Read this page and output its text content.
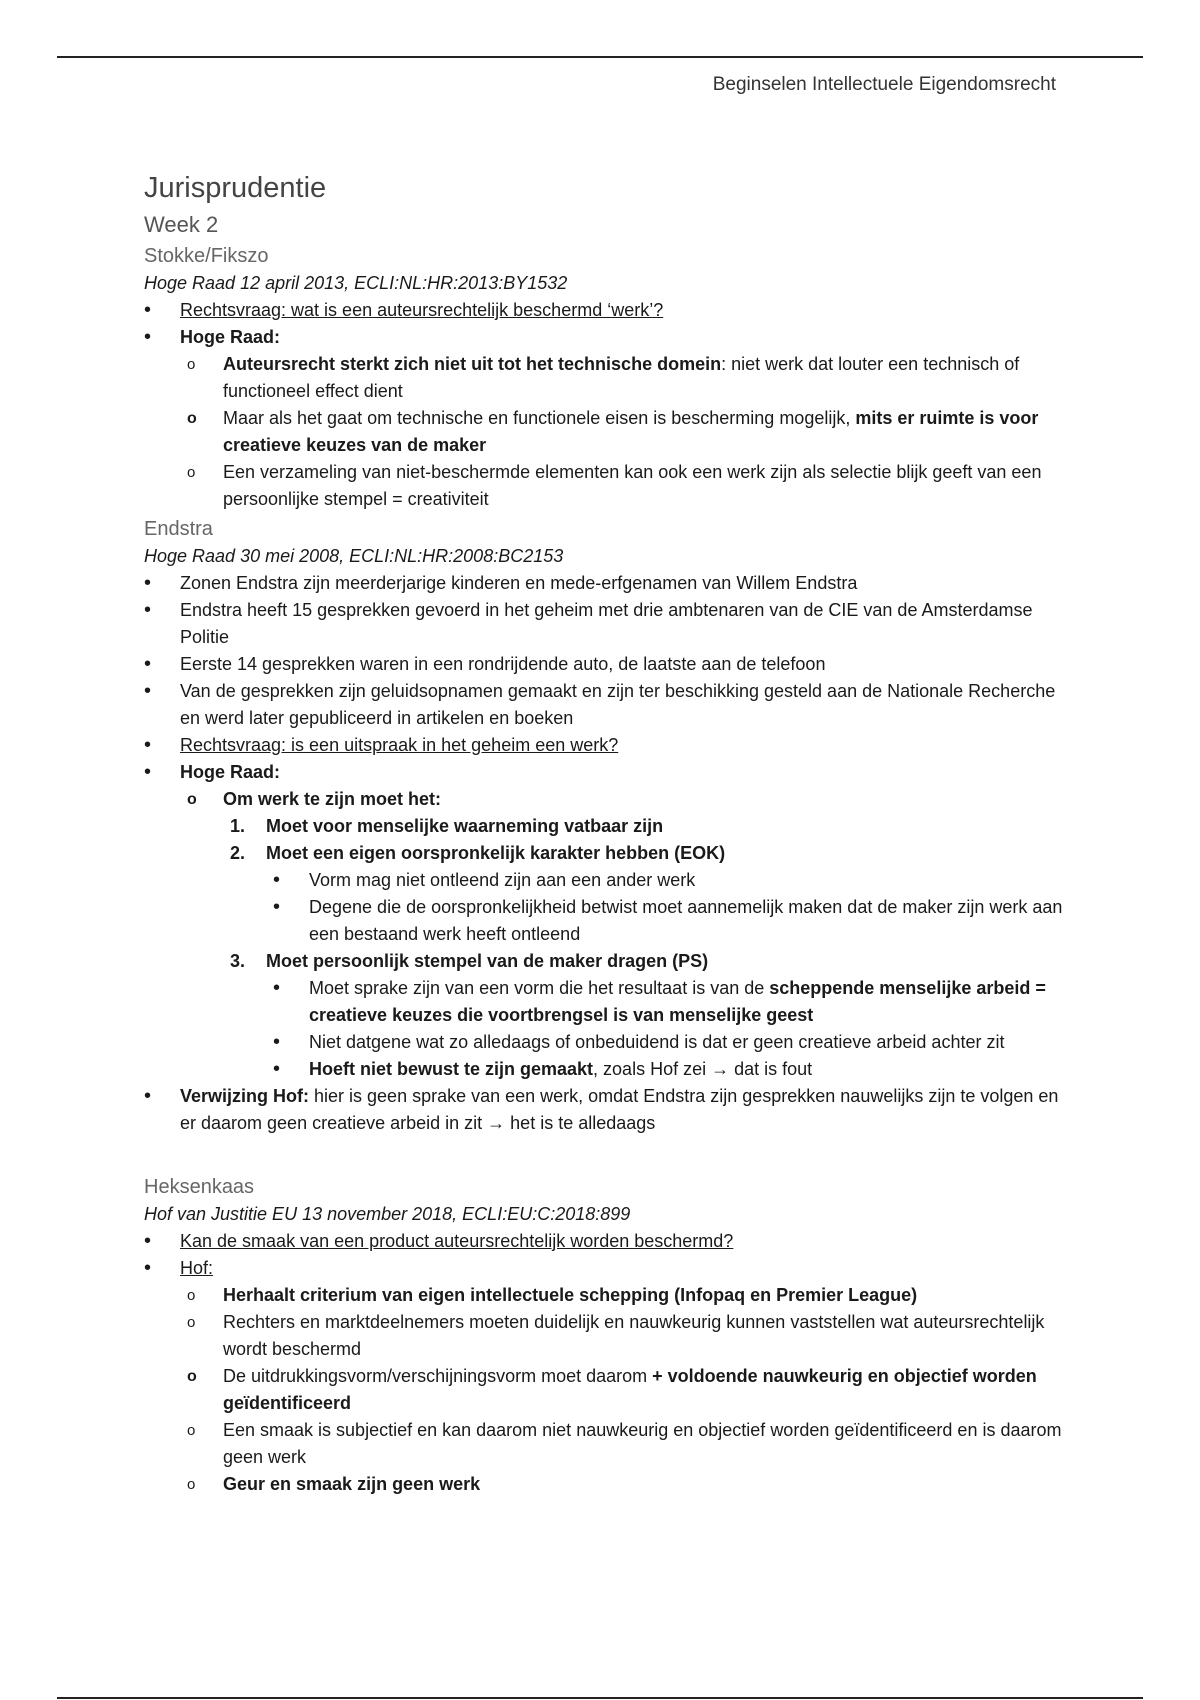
Beginselen Intellectuele Eigendomsrecht
Jurisprudentie
Week 2
Stokke/Fikszo
Hoge Raad 12 april 2013, ECLI:NL:HR:2013:BY1532
• Rechtsvraag: wat is een auteursrechtelijk beschermd ‘werk’?
• Hoge Raad:
o Auteursrecht sterkt zich niet uit tot het technische domein: niet werk dat louter een technisch of functioneel effect dient
o Maar als het gaat om technische en functionele eisen is bescherming mogelijk, mits er ruimte is voor creatieve keuzes van de maker
o Een verzameling van niet-beschermde elementen kan ook een werk zijn als selectie blijk geeft van een persoonlijke stempel = creativiteit
Endstra
Hoge Raad 30 mei 2008, ECLI:NL:HR:2008:BC2153
• Zonen Endstra zijn meerderjarige kinderen en mede-erfgenamen van Willem Endstra
• Endstra heeft 15 gesprekken gevoerd in het geheim met drie ambtenaren van de CIE van de Amsterdamse Politie
• Eerste 14 gesprekken waren in een rondrijdende auto, de laatste aan de telefoon
• Van de gesprekken zijn geluidsopnamen gemaakt en zijn ter beschikking gesteld aan de Nationale Recherche en werd later gepubliceerd in artikelen en boeken
• Rechtsvraag: is een uitspraak in het geheim een werk?
• Hoge Raad:
o Om werk te zijn moet het:
1. Moet voor menselijke waarneming vatbaar zijn
2. Moet een eigen oorspronkelijk karakter hebben (EOK)
• Vorm mag niet ontleend zijn aan een ander werk
• Degene die de oorspronkelijkheid betwist moet aannemelijk maken dat de maker zijn werk aan een bestaand werk heeft ontleend
3. Moet persoonlijk stempel van de maker dragen (PS)
• Moet sprake zijn van een vorm die het resultaat is van de scheppende menselijke arbeid = creatieve keuzes die voortbrengsel is van menselijke geest
• Niet datgene wat zo alledaags of onbeduidend is dat er geen creatieve arbeid achter zit
• Hoeft niet bewust te zijn gemaakt, zoals Hof zei → dat is fout
• Verwijzing Hof: hier is geen sprake van een werk, omdat Endstra zijn gesprekken nauwelijks zijn te volgen en er daarom geen creatieve arbeid in zit → het is te alledaags
Heksenkaas
Hof van Justitie EU 13 november 2018, ECLI:EU:C:2018:899
• Kan de smaak van een product auteursrechtelijk worden beschermd?
• Hof:
o Herhaalt criterium van eigen intellectuele schepping (Infopaq en Premier League)
o Rechters en marktdeelnemers moeten duidelijk en nauwkeurig kunnen vaststellen wat auteursrechtelijk wordt beschermd
o De uitdrukkingsvorm/verschijningsvorm moet daarom + voldoende nauwkeurig en objectief worden geïdentificeerd
o Een smaak is subjectief en kan daarom niet nauwkeurig en objectief worden geïdentificeerd en is daarom geen werk
o Geur en smaak zijn geen werk
